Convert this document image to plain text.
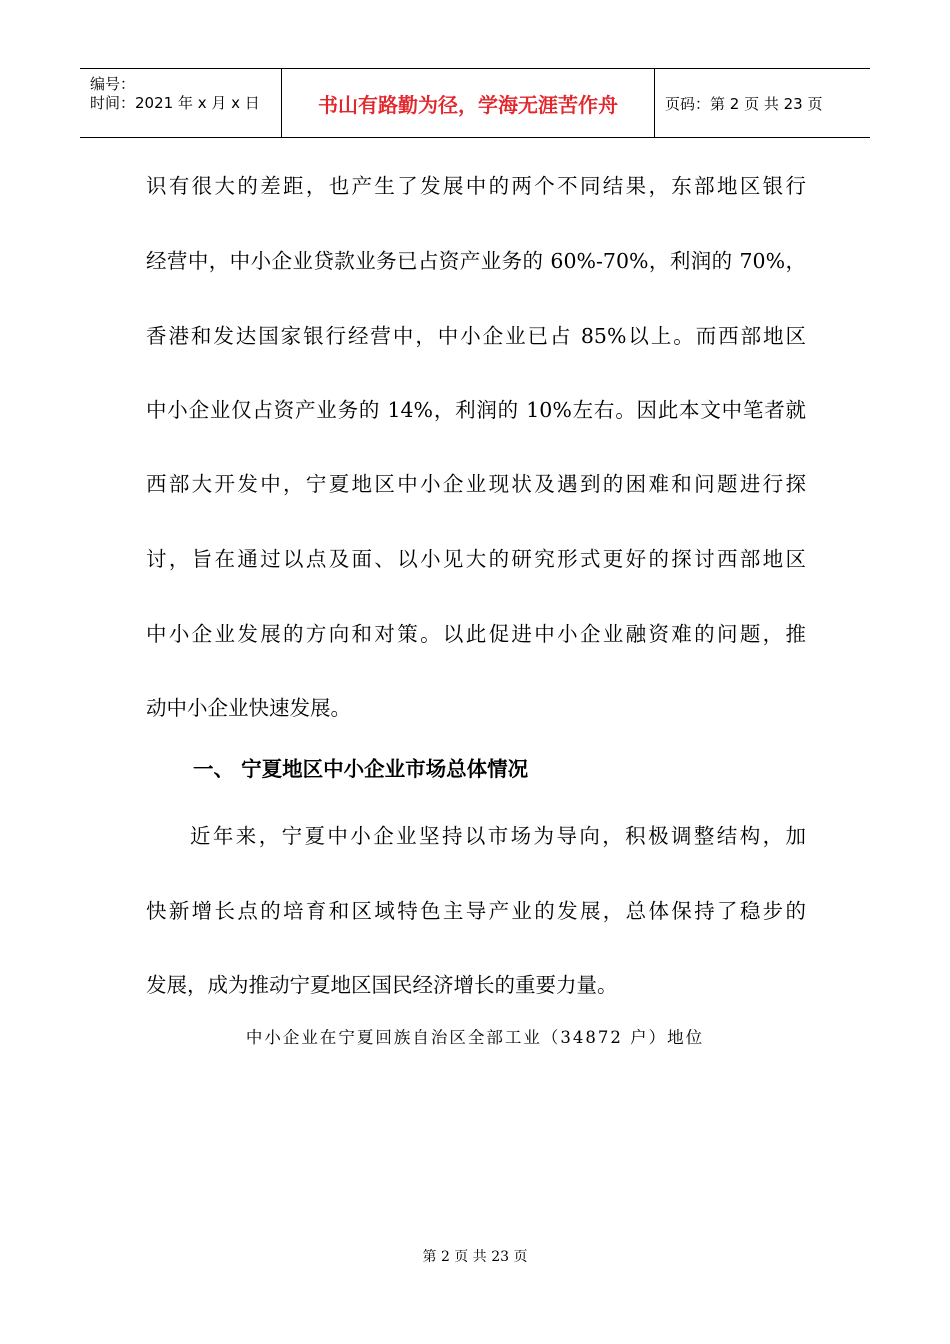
编号：
时间：2021 年 x 月 x 日	书山有路勤为径，学海无涯苦作舟	页码：第 2 页 共 23 页
识有很大的差距，也产生了发展中的两个不同结果，东部地区银行
经营中，中小企业贷款业务已占资产业务的 60%-70%，利润的 70%，
香港和发达国家银行经营中，中小企业已占 85%以上。而西部地区
中小企业仅占资产业务的 14%，利润的 10%左右。因此本文中笔者就
西部大开发中，宁夏地区中小企业现状及遇到的困难和问题进行探
讨，旨在通过以点及面、以小见大的研究形式更好的探讨西部地区
中小企业发展的方向和对策。以此促进中小企业融资难的问题，推
动中小企业快速发展。
一、 宁夏地区中小企业市场总体情况
近年来，宁夏中小企业坚持以市场为导向，积极调整结构，加
快新增长点的培育和区域特色主导产业的发展，总体保持了稳步的
发展，成为推动宁夏地区国民经济增长的重要力量。
中小企业在宁夏回族自治区全部工业（34872 户）地位
第 2 页 共 23 页
